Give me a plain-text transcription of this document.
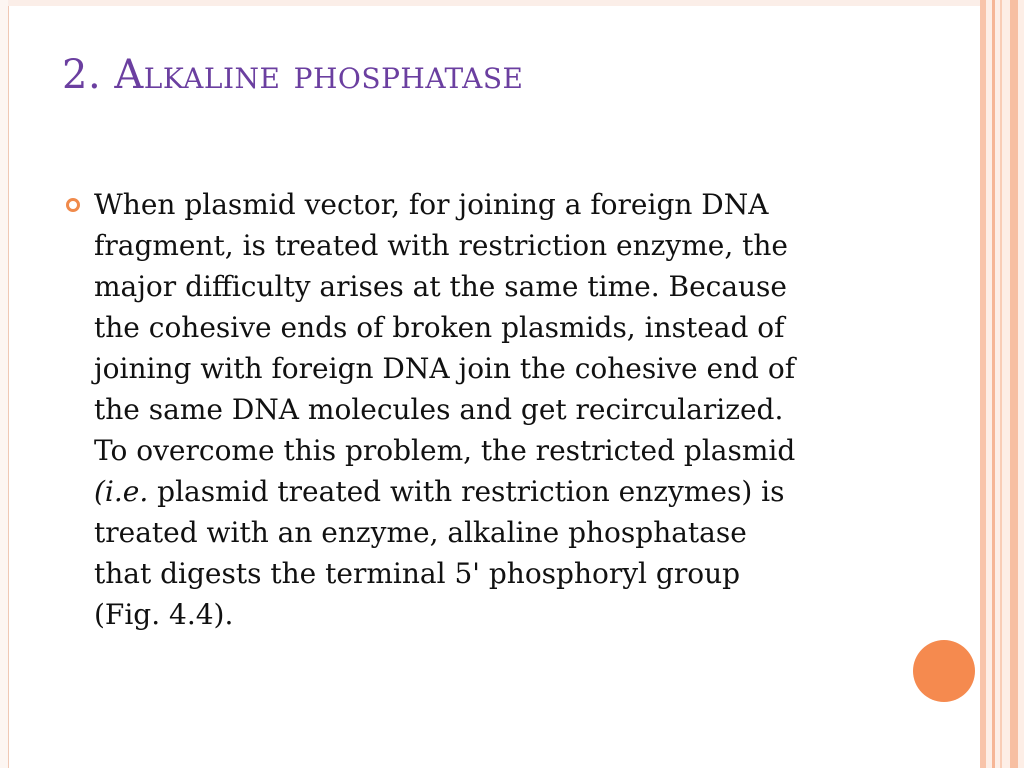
2. Alkaline phosphatase

When plasmid vector, for joining a foreign DNA
fragment, is treated with restriction enzyme, the
major difficulty arises at the same time. Because
the cohesive ends of broken plasmids, instead of
joining with foreign DNA join the cohesive end of
the same DNA molecules and get recircularized.
To overcome this problem, the restricted plasmid
(i.e. plasmid treated with restriction enzymes) is
treated with an enzyme, alkaline phosphatase
that digests the terminal 5' phosphoryl group
(Fig. 4.4).
